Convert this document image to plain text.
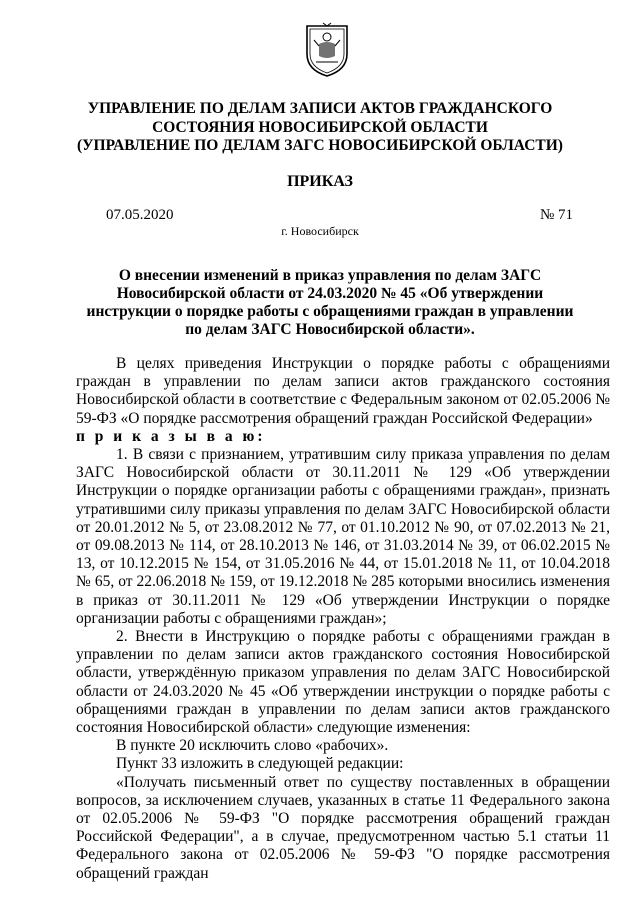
УПРАВЛЕНИЕ ПО ДЕЛАМ ЗАПИСИ АКТОВ ГРАЖДАНСКОГО
СОСТОЯНИЯ НОВОСИБИРСКОЙ ОБЛАСТИ
(УПРАВЛЕНИЕ ПО ДЕЛАМ ЗАГС НОВОСИБИРСКОЙ ОБЛАСТИ)
ПРИКАЗ
07.05.2020	№ 71
г. Новосибирск
О внесении изменений в приказ управления по делам ЗАГС Новосибирской области от 24.03.2020 № 45 «Об утверждении инструкции о порядке работы с обращениями граждан в управлении по делам ЗАГС Новосибирской области».

В целях приведения Инструкции о порядке работы с обращениями граждан в управлении по делам записи актов гражданского состояния Новосибирской области в соответствие с Федеральным законом от 02.05.2006 № 59-ФЗ «О порядке рассмотрения обращений граждан Российской Федерации»

п р и к а з ы в а ю:

1. В связи с признанием, утратившим силу приказа управления по делам ЗАГС Новосибирской области от 30.11.2011 № 129 «Об утверждении Инструкции о порядке организации работы с обращениями граждан», признать утратившими силу приказы управления по делам ЗАГС Новосибирской области от 20.01.2012 № 5, от 23.08.2012 № 77, от 01.10.2012 № 90, от 07.02.2013 № 21, от 09.08.2013 № 114, от 28.10.2013 № 146, от 31.03.2014 № 39, от 06.02.2015 № 13, от 10.12.2015 № 154, от 31.05.2016 № 44, от 15.01.2018 № 11, от 10.04.2018 № 65, от 22.06.2018 № 159, от 19.12.2018 № 285 которыми вносились изменения в приказ от 30.11.2011 № 129 «Об утверждении Инструкции о порядке организации работы с обращениями граждан»;

2. Внести в Инструкцию о порядке работы с обращениями граждан в управлении по делам записи актов гражданского состояния Новосибирской области, утверждённую приказом управления по делам ЗАГС Новосибирской области от 24.03.2020 № 45 «Об утверждении инструкции о порядке работы с обращениями граждан в управлении по делам записи актов гражданского состояния Новосибирской области» следующие изменения:

В пункте 20 исключить слово «рабочих».

Пункт 33 изложить в следующей редакции:

«Получать письменный ответ по существу поставленных в обращении вопросов, за исключением случаев, указанных в статье 11 Федерального закона от 02.05.2006 № 59-ФЗ "О порядке рассмотрения обращений граждан Российской Федерации", а в случае, предусмотренном частью 5.1 статьи 11 Федерального закона от 02.05.2006 № 59-ФЗ "О порядке рассмотрения обращений граждан
